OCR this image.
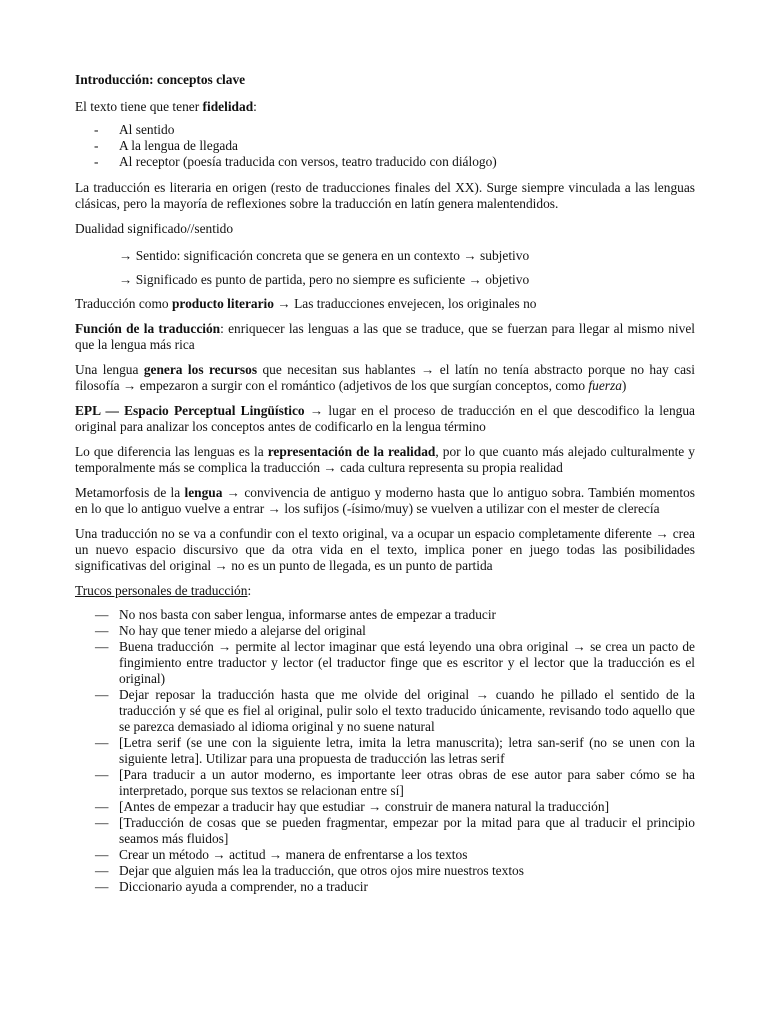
Introducción: conceptos clave

El texto tiene que tener fidelidad:

- Al sentido
- A la lengua de llegada
- Al receptor (poesía traducida con versos, teatro traducido con diálogo)

La traducción es literaria en origen (resto de traducciones finales del XX). Surge siempre vinculada a las lenguas clásicas, pero la mayoría de reflexiones sobre la traducción en latín genera malentendidos.

Dualidad significado//sentido

→ Sentido: significación concreta que se genera en un contexto → subjetivo

→ Significado es punto de partida, pero no siempre es suficiente → objetivo

Traducción como producto literario → Las traducciones envejecen, los originales no

Función de la traducción: enriquecer las lenguas a las que se traduce, que se fuerzan para llegar al mismo nivel que la lengua más rica

Una lengua genera los recursos que necesitan sus hablantes → el latín no tenía abstracto porque no hay casi filosofía → empezaron a surgir con el romántico (adjetivos de los que surgían conceptos, como fuerza)

EPL — Espacio Perceptual Lingüístico → lugar en el proceso de traducción en el que descodifico la lengua original para analizar los conceptos antes de codificarlo en la lengua término

Lo que diferencia las lenguas es la representación de la realidad, por lo que cuanto más alejado culturalmente y temporalmente más se complica la traducción → cada cultura representa su propia realidad

Metamorfosis de la lengua → convivencia de antiguo y moderno hasta que lo antiguo sobra. También momentos en lo que lo antiguo vuelve a entrar → los sufijos (-ísimo/muy) se vuelven a utilizar con el mester de clerecía

Una traducción no se va a confundir con el texto original, va a ocupar un espacio completamente diferente → crea un nuevo espacio discursivo que da otra vida en el texto, implica poner en juego todas las posibilidades significativas del original → no es un punto de llegada, es un punto de partida

Trucos personales de traducción:

— No nos basta con saber lengua, informarse antes de empezar a traducir
— No hay que tener miedo a alejarse del original
— Buena traducción → permite al lector imaginar que está leyendo una obra original → se crea un pacto de fingimiento entre traductor y lector (el traductor finge que es escritor y el lector que la traducción es el original)
— Dejar reposar la traducción hasta que me olvide del original → cuando he pillado el sentido de la traducción y sé que es fiel al original, pulir solo el texto traducido únicamente, revisando todo aquello que se parezca demasiado al idioma original y no suene natural
— [Letra serif (se une con la siguiente letra, imita la letra manuscrita); letra san-serif (no se unen con la siguiente letra]. Utilizar para una propuesta de traducción las letras serif
— [Para traducir a un autor moderno, es importante leer otras obras de ese autor para saber cómo se ha interpretado, porque sus textos se relacionan entre sí]
— [Antes de empezar a traducir hay que estudiar → construir de manera natural la traducción]
— [Traducción de cosas que se pueden fragmentar, empezar por la mitad para que al traducir el principio seamos más fluidos]
— Crear un método → actitud → manera de enfrentarse a los textos
— Dejar que alguien más lea la traducción, que otros ojos mire nuestros textos
— Diccionario ayuda a comprender, no a traducir
